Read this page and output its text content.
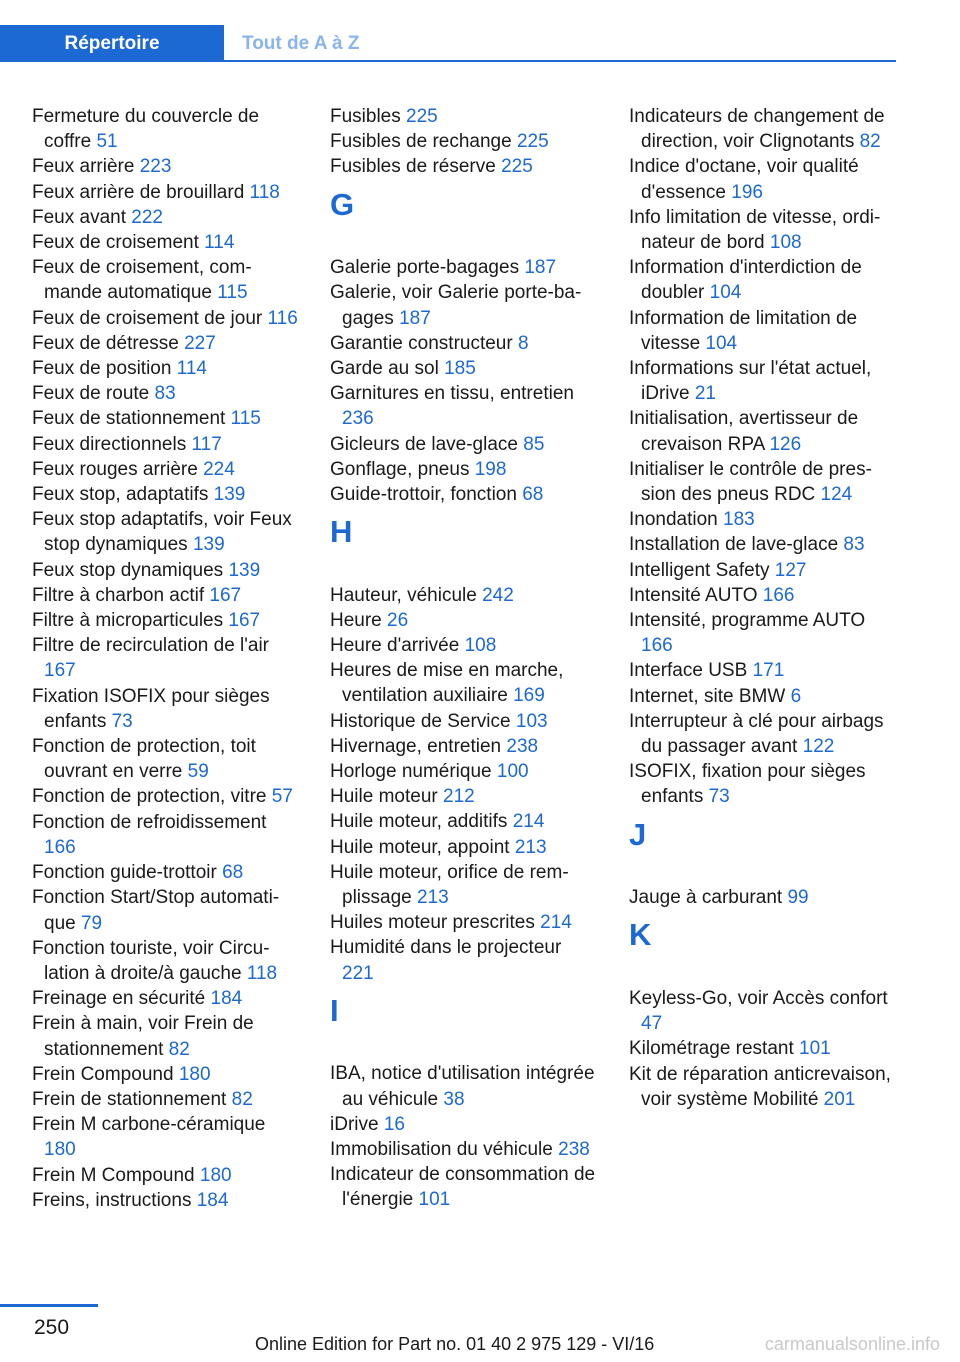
Répertoire	Tout de A à Z
Fermeture du couvercle de coffre 51
Feux arrière 223
Feux arrière de brouillard 118
Feux avant 222
Feux de croisement 114
Feux de croisement, commande automatique 115
Feux de croisement de jour 116
Feux de détresse 227
Feux de position 114
Feux de route 83
Feux de stationnement 115
Feux directionnels 117
Feux rouges arrière 224
Feux stop, adaptatifs 139
Feux stop adaptatifs, voir Feux stop dynamiques 139
Feux stop dynamiques 139
Filtre à charbon actif 167
Filtre à microparticules 167
Filtre de recirculation de l'air 167
Fixation ISOFIX pour sièges enfants 73
Fonction de protection, toit ouvrant en verre 59
Fonction de protection, vitre 57
Fonction de refroidissement 166
Fonction guide-trottoir 68
Fonction Start/Stop automatique 79
Fonction touriste, voir Circulation à droite/à gauche 118
Freinage en sécurité 184
Frein à main, voir Frein de stationnement 82
Frein Compound 180
Frein de stationnement 82
Frein M carbone-céramique 180
Frein M Compound 180
Freins, instructions 184
Fusibles 225
Fusibles de rechange 225
Fusibles de réserve 225
G
Galerie porte-bagages 187
Galerie, voir Galerie porte-bagages 187
Garantie constructeur 8
Garde au sol 185
Garnitures en tissu, entretien 236
Gicleurs de lave-glace 85
Gonflage, pneus 198
Guide-trottoir, fonction 68
H
Hauteur, véhicule 242
Heure 26
Heure d'arrivée 108
Heures de mise en marche, ventilation auxiliaire 169
Historique de Service 103
Hivernage, entretien 238
Horloge numérique 100
Huile moteur 212
Huile moteur, additifs 214
Huile moteur, appoint 213
Huile moteur, orifice de remplissage 213
Huiles moteur prescrites 214
Humidité dans le projecteur 221
I
IBA, notice d'utilisation intégrée au véhicule 38
iDrive 16
Immobilisation du véhicule 238
Indicateur de consommation de l'énergie 101
Indicateurs de changement de direction, voir Clignotants 82
Indice d'octane, voir qualité d'essence 196
Info limitation de vitesse, ordinateur de bord 108
Information d'interdiction de doubler 104
Information de limitation de vitesse 104
Informations sur l'état actuel, iDrive 21
Initialisation, avertisseur de crevaison RPA 126
Initialiser le contrôle de pression des pneus RDC 124
Inondation 183
Installation de lave-glace 83
Intelligent Safety 127
Intensité AUTO 166
Intensité, programme AUTO 166
Interface USB 171
Internet, site BMW 6
Interrupteur à clé pour airbags du passager avant 122
ISOFIX, fixation pour sièges enfants 73
J
Jauge à carburant 99
K
Keyless-Go, voir Accès confort 47
Kilométrage restant 101
Kit de réparation anticrevaison, voir système Mobilité 201
250
Online Edition for Part no. 01 40 2 975 129 - VI/16	carmanualsonline.info
